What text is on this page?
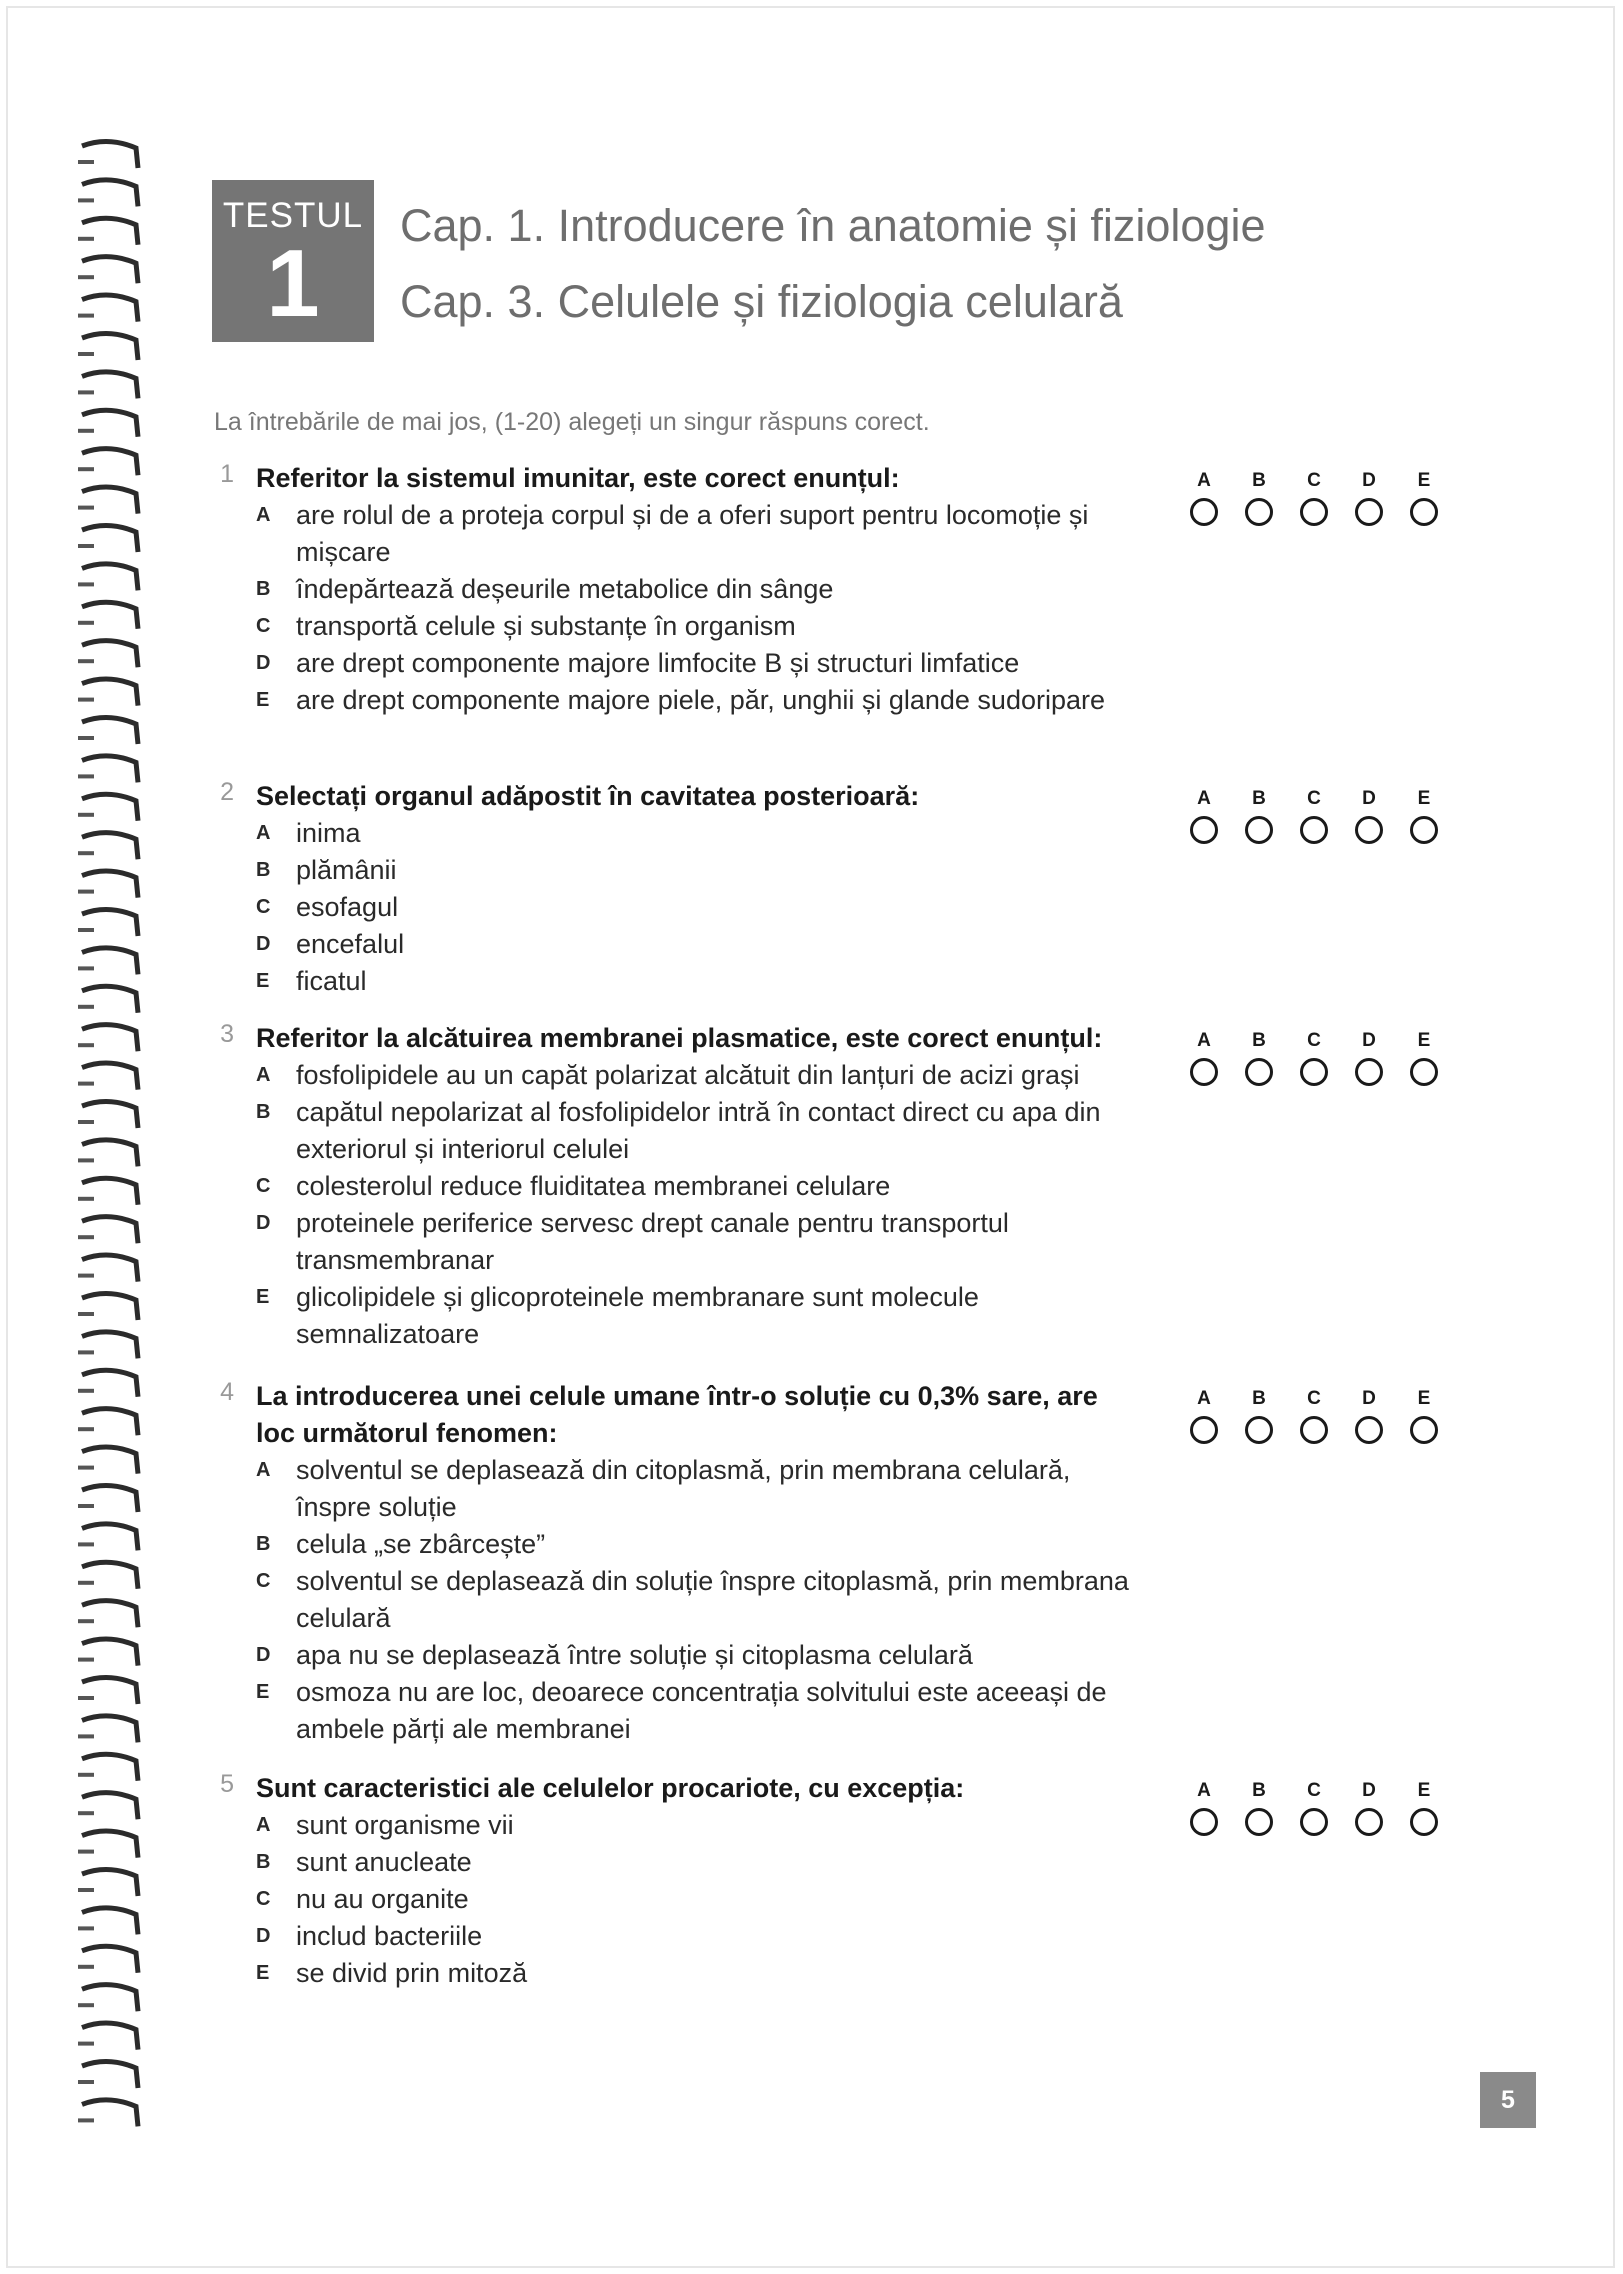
TESTUL
1
Cap. 1. Introducere în anatomie și fiziologie
Cap. 3. Celulele și fiziologia celulară
La întrebările de mai jos, (1-20) alegeți un singur răspuns corect.
1 Referitor la sistemul imunitar, este corect enunțul:
A are rolul de a proteja corpul și de a oferi suport pentru locomoție și mișcare
B îndepărtează deșeurile metabolice din sânge
C transportă celule și substanțe în organism
D are drept componente majore limfocite B și structuri limfatice
E are drept componente majore piele, păr, unghii și glande sudoripare
A	B	C	D	E
2 Selectați organul adăpostit în cavitatea posterioară:
A inima
B plămânii
C esofagul
D encefalul
E ficatul
A	B	C	D	E
3 Referitor la alcătuirea membranei plasmatice, este corect enunțul:
A fosfolipidele au un capăt polarizat alcătuit din lanțuri de acizi grași
B capătul nepolarizat al fosfolipidelor intră în contact direct cu apa din exteriorul și interiorul celulei
C colesterolul reduce fluiditatea membranei celulare
D proteinele periferice servesc drept canale pentru transportul transmembranar
E glicolipidele și glicoproteinele membranare sunt molecule semnalizatoare
A	B	C	D	E
4 La introducerea unei celule umane într-o soluție cu 0,3% sare, are loc următorul fenomen:
A solventul se deplasează din citoplasmă, prin membrana celulară, înspre soluție
B celula „se zbârcește”
C solventul se deplasează din soluție înspre citoplasmă, prin membrana celulară
D apa nu se deplasează între soluție și citoplasma celulară
E osmoza nu are loc, deoarece concentrația solvitului este aceeași de ambele părți ale membranei
A	B	C	D	E
5 Sunt caracteristici ale celulelor procariote, cu excepția:
A sunt organisme vii
B sunt anucleate
C nu au organite
D includ bacteriile
E se divid prin mitoză
A	B	C	D	E
5
